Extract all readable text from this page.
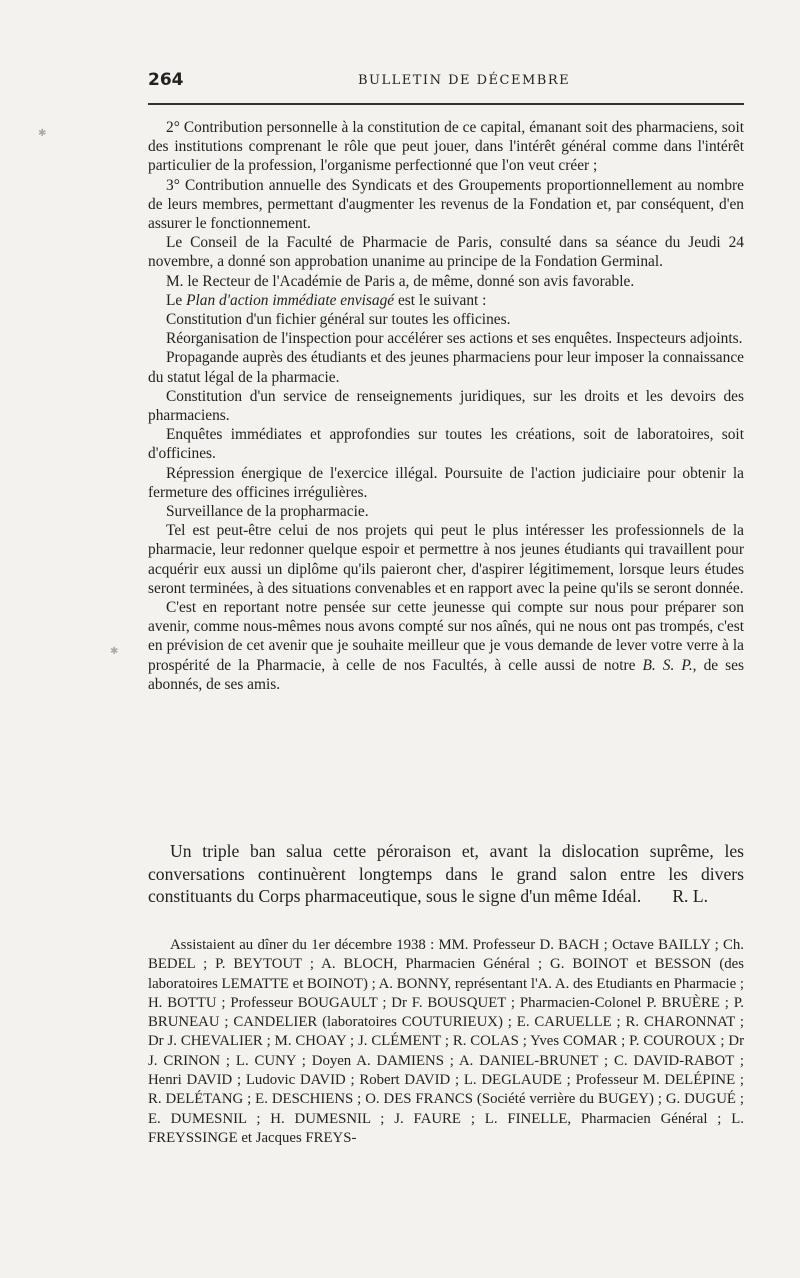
264	BULLETIN DE DÉCEMBRE
✱
✱

2° Contribution personnelle à la constitution de ce capital, émanant soit des pharmaciens, soit des institutions comprenant le rôle que peut jouer, dans l'intérêt général comme dans l'intérêt particulier de la profession, l'organisme perfectionné que l'on veut créer ;

3° Contribution annuelle des Syndicats et des Groupements proportionnellement au nombre de leurs membres, permettant d'augmenter les revenus de la Fondation et, par conséquent, d'en assurer le fonctionnement.

Le Conseil de la Faculté de Pharmacie de Paris, consulté dans sa séance du Jeudi 24 novembre, a donné son approbation unanime au principe de la Fondation Germinal.

M. le Recteur de l'Académie de Paris a, de même, donné son avis favorable.

Le Plan d'action immédiate envisagé est le suivant :

Constitution d'un fichier général sur toutes les officines.

Réorganisation de l'inspection pour accélérer ses actions et ses enquêtes. Inspecteurs adjoints.

Propagande auprès des étudiants et des jeunes pharmaciens pour leur imposer la connaissance du statut légal de la pharmacie.

Constitution d'un service de renseignements juridiques, sur les droits et les devoirs des pharmaciens.

Enquêtes immédiates et approfondies sur toutes les créations, soit de laboratoires, soit d'officines.

Répression énergique de l'exercice illégal. Poursuite de l'action judiciaire pour obtenir la fermeture des officines irrégulières.

Surveillance de la propharmacie.

Tel est peut-être celui de nos projets qui peut le plus intéresser les professionnels de la pharmacie, leur redonner quelque espoir et permettre à nos jeunes étudiants qui travaillent pour acquérir eux aussi un diplôme qu'ils paieront cher, d'aspirer légitimement, lorsque leurs études seront terminées, à des situations convenables et en rapport avec la peine qu'ils se seront donnée.

C'est en reportant notre pensée sur cette jeunesse qui compte sur nous pour préparer son avenir, comme nous-mêmes nous avons compté sur nos aînés, qui ne nous ont pas trompés, c'est en prévision de cet avenir que je souhaite meilleur que je vous demande de lever votre verre à la prospérité de la Pharmacie, à celle de nos Facultés, à celle aussi de notre B. S. P., de ses abonnés, de ses amis.

Un triple ban salua cette péroraison et, avant la dislocation suprême, les conversations continuèrent longtemps dans le grand salon entre les divers constituants du Corps pharmaceutique, sous le signe d'un même Idéal. R. L.

Assistaient au dîner du 1er décembre 1938 : MM. Professeur D. BACH ; Octave BAILLY ; Ch. BEDEL ; P. BEYTOUT ; A. BLOCH, Pharmacien Général ; G. BOINOT et BESSON (des laboratoires LEMATTE et BOINOT) ; A. BONNY, représentant l'A. A. des Etudiants en Pharmacie ; H. BOTTU ; Professeur BOUGAULT ; Dr F. BOUSQUET ; Pharmacien-Colonel P. BRUÈRE ; P. BRUNEAU ; CANDELIER (laboratoires COUTURIEUX) ; E. CARUELLE ; R. CHARONNAT ; Dr J. CHEVALIER ; M. CHOAY ; J. CLÉMENT ; R. COLAS ; Yves COMAR ; P. COUROUX ; Dr J. CRINON ; L. CUNY ; Doyen A. DAMIENS ; A. DANIEL-BRUNET ; C. DAVID-RABOT ; Henri DAVID ; Ludovic DAVID ; Robert DAVID ; L. DEGLAUDE ; Professeur M. DELÉPINE ; R. DELÉTANG ; E. DESCHIENS ; O. DES FRANCS (Société verrière du BUGEY) ; G. DUGUÉ ; E. DUMESNIL ; H. DUMESNIL ; J. FAURE ; L. FINELLE, Pharmacien Général ; L. FREYSSINGE et Jacques FREYS-
